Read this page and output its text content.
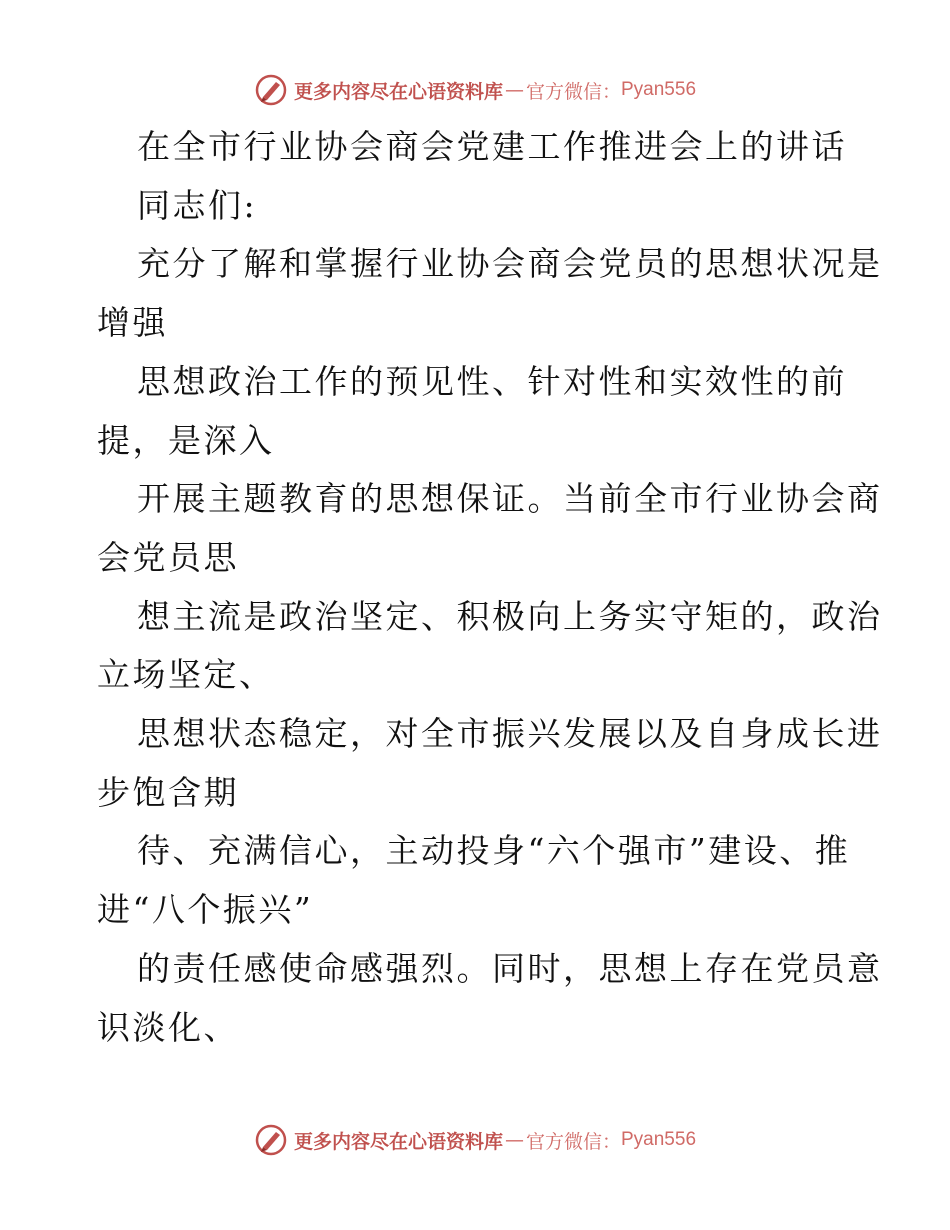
更多内容尽在心语资料库 — 官方微信： Pyan556
在全市行业协会商会党建工作推进会上的讲话
同志们:
充分了解和掌握行业协会商会党员的思想状况是
增强
思想政治工作的预见性、针对性和实效性的前
提，是深入
开展主题教育的思想保证。当前全市行业协会商
会党员思
想主流是政治坚定、积极向上务实守矩的，政治
立场坚定、
思想状态稳定，对全市振兴发展以及自身成长进
步饱含期
待、充满信心，主动投身“六个强市”建设、推
进“八个振兴”
的责任感使命感强烈。同时，思想上存在党员意
识淡化、
更多内容尽在心语资料库 — 官方微信： Pyan556
